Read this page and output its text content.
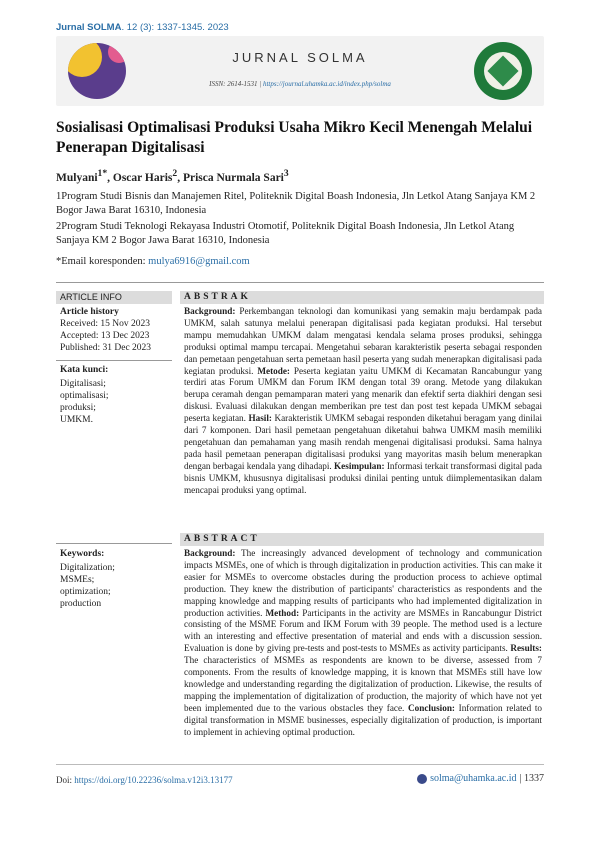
Jurnal SOLMA. 12 (3): 1337-1345. 2023
JURNAL SOLMA
ISSN: 2614-1531 | https://journal.uhamka.ac.id/index.php/solma
Sosialisasi Optimalisasi Produksi Usaha Mikro Kecil Menengah Melalui Penerapan Digitalisasi
Mulyani$^{1*}$, Oscar Haris$^2$, Prisca Nurmala Sari$^3$
1Program Studi Bisnis dan Manajemen Ritel, Politeknik Digital Boash Indonesia, Jln Letkol Atang Sanjaya KM 2 Bogor Jawa Barat 16310, Indonesia
2Program Studi Teknologi Rekayasa Industri Otomotif, Politeknik Digital Boash Indonesia, Jln Letkol Atang Sanjaya KM 2 Bogor Jawa Barat 16310, Indonesia
*Email koresponden: mulya6916@gmail.com
ARTICLE INFO
Article history
Received: 15 Nov 2023
Accepted: 13 Dec 2023
Published: 31 Dec 2023
Kata kunci:
Digitalisasi;
optimalisasi;
produksi;
UMKM.
Keywords:
Digitalization;
MSMEs;
optimization;
production
ABSTRAK
Background: Perkembangan teknologi dan komunikasi yang semakin maju berdampak pada UMKM, salah satunya melalui penerapan digitalisasi pada kegiatan produksi. Hal tersebut mampu memudahkan UMKM dalam mengatasi kendala selama proses produksi, sehingga produksi optimal mampu tercapai. Mengetahui sebaran karakteristik peserta sebagai responden dan pemetaan pengetahuan serta pemetaan hasil peserta yang sudah menerapkan digitalisasi pada kegiatan produksi. Metode: Peserta kegiatan yaitu UMKM di Kecamatan Rancabungur yang terdiri atas Forum UMKM dan Forum IKM dengan total 39 orang. Metode yang dilakukan berupa ceramah dengan pemamparan materi yang menarik dan efektif serta diakhiri dengan sesi diskusi. Evaluasi dilakukan dengan memberikan pre test dan post test kepada UMKM sebagai peserta kegiatan. Hasil: Karakteristik UMKM sebagai responden diketahui beragam yang dinilai dari 7 komponen. Dari hasil pemetaan pengetahuan diketahui bahwa UMKM masih memiliki pengetahuan dan pemahaman yang masih rendah mengenai digitalisasi produksi. Sama halnya pada hasil pemetaan penerapan digitalisasi produksi yang mayoritas masih belum menerapkan dengan berbagai kendala yang dihadapi. Kesimpulan: Informasi terkait transformasi digital pada bisnis UMKM, khususnya digitalisasi produksi dinilai penting untuk diimplementasikan dalam mencapai produksi yang optimal.
ABSTRACT
Background: The increasingly advanced development of technology and communication impacts MSMEs, one of which is through digitalization in production activities. This can make it easier for MSMEs to overcome obstacles during the production process to achieve optimal production. They knew the distribution of participants' characteristics as respondents and the mapping knowledge and mapping results of participants who had implemented digitalization in production activities. Method: Participants in the activity are MSMEs in Rancabungur District consisting of the MSME Forum and IKM Forum with 39 people. The method used is a lecture with an interesting and effective presentation of material and ends with a discussion session. Evaluation is done by giving pre-tests and post-tests to MSMEs as activity participants. Results: The characteristics of MSMEs as respondents are known to be diverse, assessed from 7 components. From the results of knowledge mapping, it is known that MSMEs still have low knowledge and understanding regarding the digitalization of production. Likewise, the results of mapping the implementation of digitalization of production, the majority of which have not yet been implemented due to the various obstacles they face. Conclusion: Information related to digital transformation in MSME businesses, especially digitalization of production, is important to implement in achieving optimal production.
Doi: https://doi.org/10.22236/solma.v12i3.13177	solma@uhamka.ac.id | 1337
